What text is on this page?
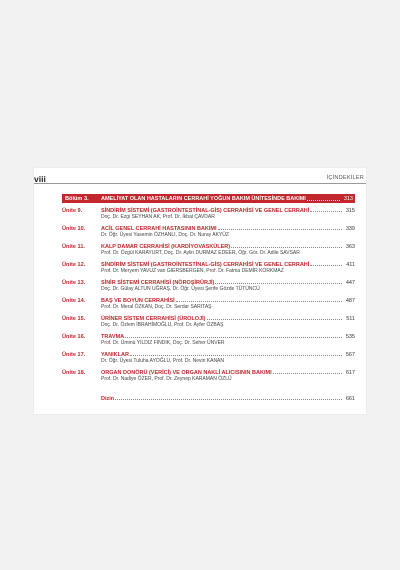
viii	İÇİNDEKİLER
Bölüm 3.	AMELİYAT OLAN HASTALARIN CERRAHİ YOĞUN BAKIM ÜNİTESİNDE BAKIMI	313
Ünite 9.	SİNDİRİM SİSTEMİ (GASTROİNTESTİNAL-GİS) CERRAHİSİ VE GENEL CERRAHİ	315
Doç. Dr. Ezgi SEYHAN AK, Prof. Dr. İkbal ÇAVDAR
Ünite 10.	ACİL GENEL CERRAHİ HASTASININ BAKIMI	339
Dr. Öğr. Üyesi Yasemin ÖZHANLI, Doç. Dr. Nuray AKYÜZ
Ünite 11.	KALP DAMAR CERRAHİSİ (KARDİYOVASKÜLER)	363
Prof. Dr. Özgül KARAYURT, Doç. Dr. Aylin DURMAZ EDEER, Öğr. Gör. Dr. Adile SAVSAR
Ünite 12.	SİNDİRİM SİSTEMİ (GASTROİNTESTİNAL-GİS) CERRAHİSİ VE GENEL CERRAHİ	411
Prof. Dr. Meryem YAVUZ van GIERSBERGEN, Prof. Dr. Fatma DEMİR KORKMAZ
Ünite 13.	SİNİR SİSTEMİ CERRAHİSİ (NÖROŞİRÜRJİ)	447
Doç. Dr. Gülay ALTUN UĞRAŞ, Dr. Öğr. Üyesi Şerife Gözde TÜTÜNCÜ
Ünite 14.	BAŞ VE BOYUN CERRAHİSİ	487
Prof. Dr. Meral ÖZKAN, Doç. Dr. Serdar SARITAŞ
Ünite 15.	ÜRİNER SİSTEM CERRAHİSİ (ÜROLOJİ)	511
Doç. Dr. Özlem İBRAHİMOĞLU, Prof. Dr. Ayfer ÖZBAŞ
Ünite 16.	TRAVMA	535
Prof. Dr. Ümmü YILDIZ FINDIK, Doç. Dr. Seher ÜNVER
Ünite 17.	YANIKLAR	567
Dr. Öğr. Üyesi Tuluha AYOĞLU, Prof. Dr. Nevin KANAN
Ünite 18.	ORGAN DONÖRÜ (VERİCİ) VE ORGAN NAKLİ ALICISININ BAKIMI	617
Prof. Dr. Nadiye ÖZER, Prof. Dr. Zeynep KARAMAN ÖZLÜ
Dizin	661
